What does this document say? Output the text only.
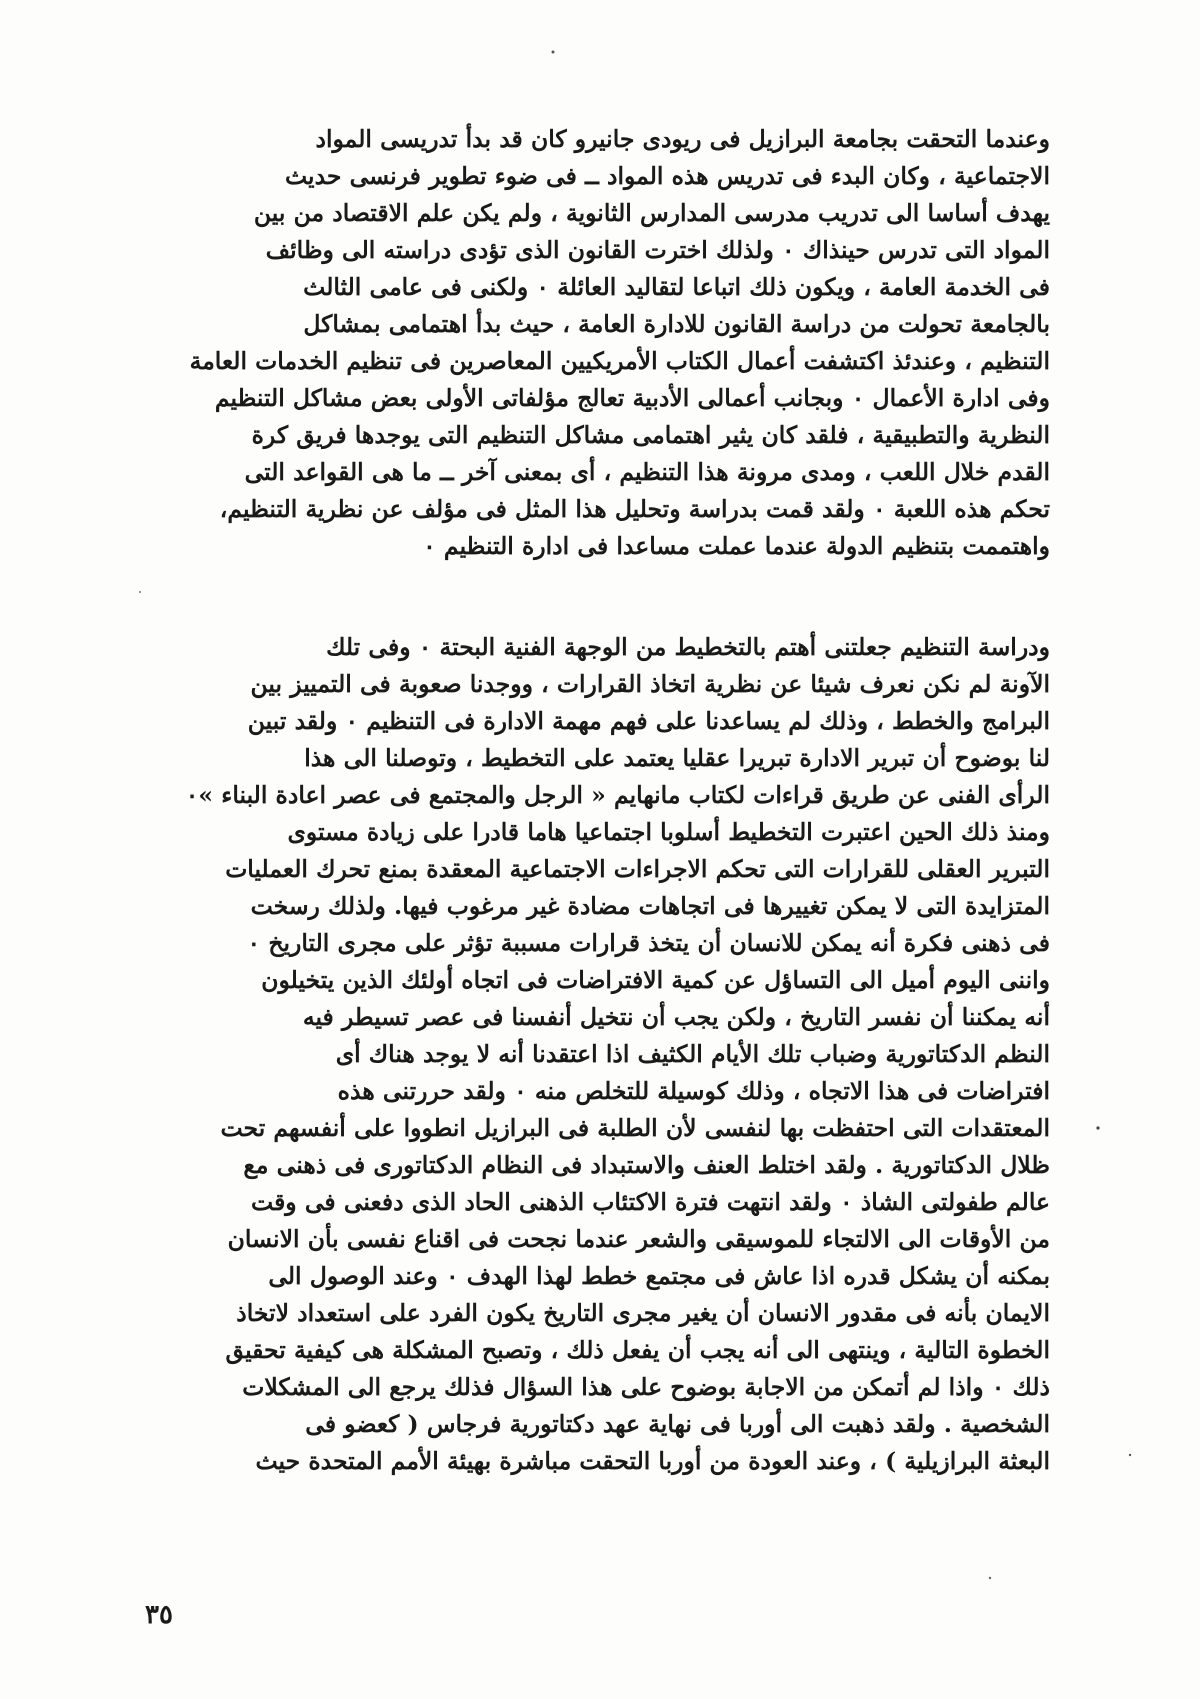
وعندما التحقت بجامعة البرازيل فى ريودى جانيرو كان قد بدأ تدريسى المواد
الاجتماعية ، وكان البدء فى تدريس هذه المواد ــ فى ضوء تطوير فرنسى حديث
يهدف أساسا الى تدريب مدرسى المدارس الثانوية ، ولم يكن علم الاقتصاد من بين
المواد التى تدرس حينذاك ٠ ولذلك اخترت القانون الذى تؤدى دراسته الى وظائف
فى الخدمة العامة ، ويكون ذلك اتباعا لتقاليد العائلة ٠ ولكنى فى عامى الثالث
بالجامعة تحولت من دراسة القانون للادارة العامة ، حيث بدأ اهتمامى بمشاكل
التنظيم ، وعندئذ اكتشفت أعمال الكتاب الأمريكيين المعاصرين فى تنظيم الخدمات العامة
وفى ادارة الأعمال ٠ وبجانب أعمالى الأدبية تعالج مؤلفاتى الأولى بعض مشاكل التنظيم
النظرية والتطبيقية ، فلقد كان يثير اهتمامى مشاكل التنظيم التى يوجدها فريق كرة
القدم خلال اللعب ، ومدى مرونة هذا التنظيم ، أى بمعنى آخر ــ ما هى القواعد التى
تحكم هذه اللعبة ٠ ولقد قمت بدراسة وتحليل هذا المثل فى مؤلف عن نظرية التنظيم،
واهتممت بتنظيم الدولة عندما عملت مساعدا فى ادارة التنظيم ٠
ودراسة التنظيم جعلتنى أهتم بالتخطيط من الوجهة الفنية البحتة ٠ وفى تلك
الآونة لم نكن نعرف شيئا عن نظرية اتخاذ القرارات ، ووجدنا صعوبة فى التمييز بين
البرامج والخطط ، وذلك لم يساعدنا على فهم مهمة الادارة فى التنظيم ٠ ولقد تبين
لنا بوضوح أن تبرير الادارة تبريرا عقليا يعتمد على التخطيط ، وتوصلنا الى هذا
الرأى الفنى عن طريق قراءات لكتاب مانهايم « الرجل والمجتمع فى عصر اعادة البناء »٠
ومنذ ذلك الحين اعتبرت التخطيط أسلوبا اجتماعيا هاما قادرا على زيادة مستوى
التبرير العقلى للقرارات التى تحكم الاجراءات الاجتماعية المعقدة بمنع تحرك العمليات
المتزايدة التى لا يمكن تغييرها فى اتجاهات مضادة غير مرغوب فيها. ولذلك رسخت
فى ذهنى فكرة أنه يمكن للانسان أن يتخذ قرارات مسببة تؤثر على مجرى التاريخ ٠
واننى اليوم أميل الى التساؤل عن كمية الافتراضات فى اتجاه أولئك الذين يتخيلون
أنه يمكننا أن نفسر التاريخ ، ولكن يجب أن نتخيل أنفسنا فى عصر تسيطر فيه
النظم الدكتاتورية وضباب تلك الأيام الكثيف اذا اعتقدنا أنه لا يوجد هناك أى
افتراضات فى هذا الاتجاه ، وذلك كوسيلة للتخلص منه ٠ ولقد حررتنى هذه
المعتقدات التى احتفظت بها لنفسى لأن الطلبة فى البرازيل انطووا على أنفسهم تحت
ظلال الدكتاتورية . ولقد اختلط العنف والاستبداد فى النظام الدكتاتورى فى ذهنى مع
عالم طفولتى الشاذ ٠ ولقد انتهت فترة الاكتئاب الذهنى الحاد الذى دفعنى فى وقت
من الأوقات الى الالتجاء للموسيقى والشعر عندما نجحت فى اقناع نفسى بأن الانسان
بمكنه أن يشكل قدره اذا عاش فى مجتمع خطط لهذا الهدف ٠ وعند الوصول الى
الايمان بأنه فى مقدور الانسان أن يغير مجرى التاريخ يكون الفرد على استعداد لاتخاذ
الخطوة التالية ، وينتهى الى أنه يجب أن يفعل ذلك ، وتصبح المشكلة هى كيفية تحقيق
ذلك ٠ واذا لم أتمكن من الاجابة بوضوح على هذا السؤال فذلك يرجع الى المشكلات
الشخصية . ولقد ذهبت الى أوربا فى نهاية عهد دكتاتورية فرجاس ( كعضو فى
البعثة البرازيلية ) ، وعند العودة من أوربا التحقت مباشرة بهيئة الأمم المتحدة حيث
٣٥
